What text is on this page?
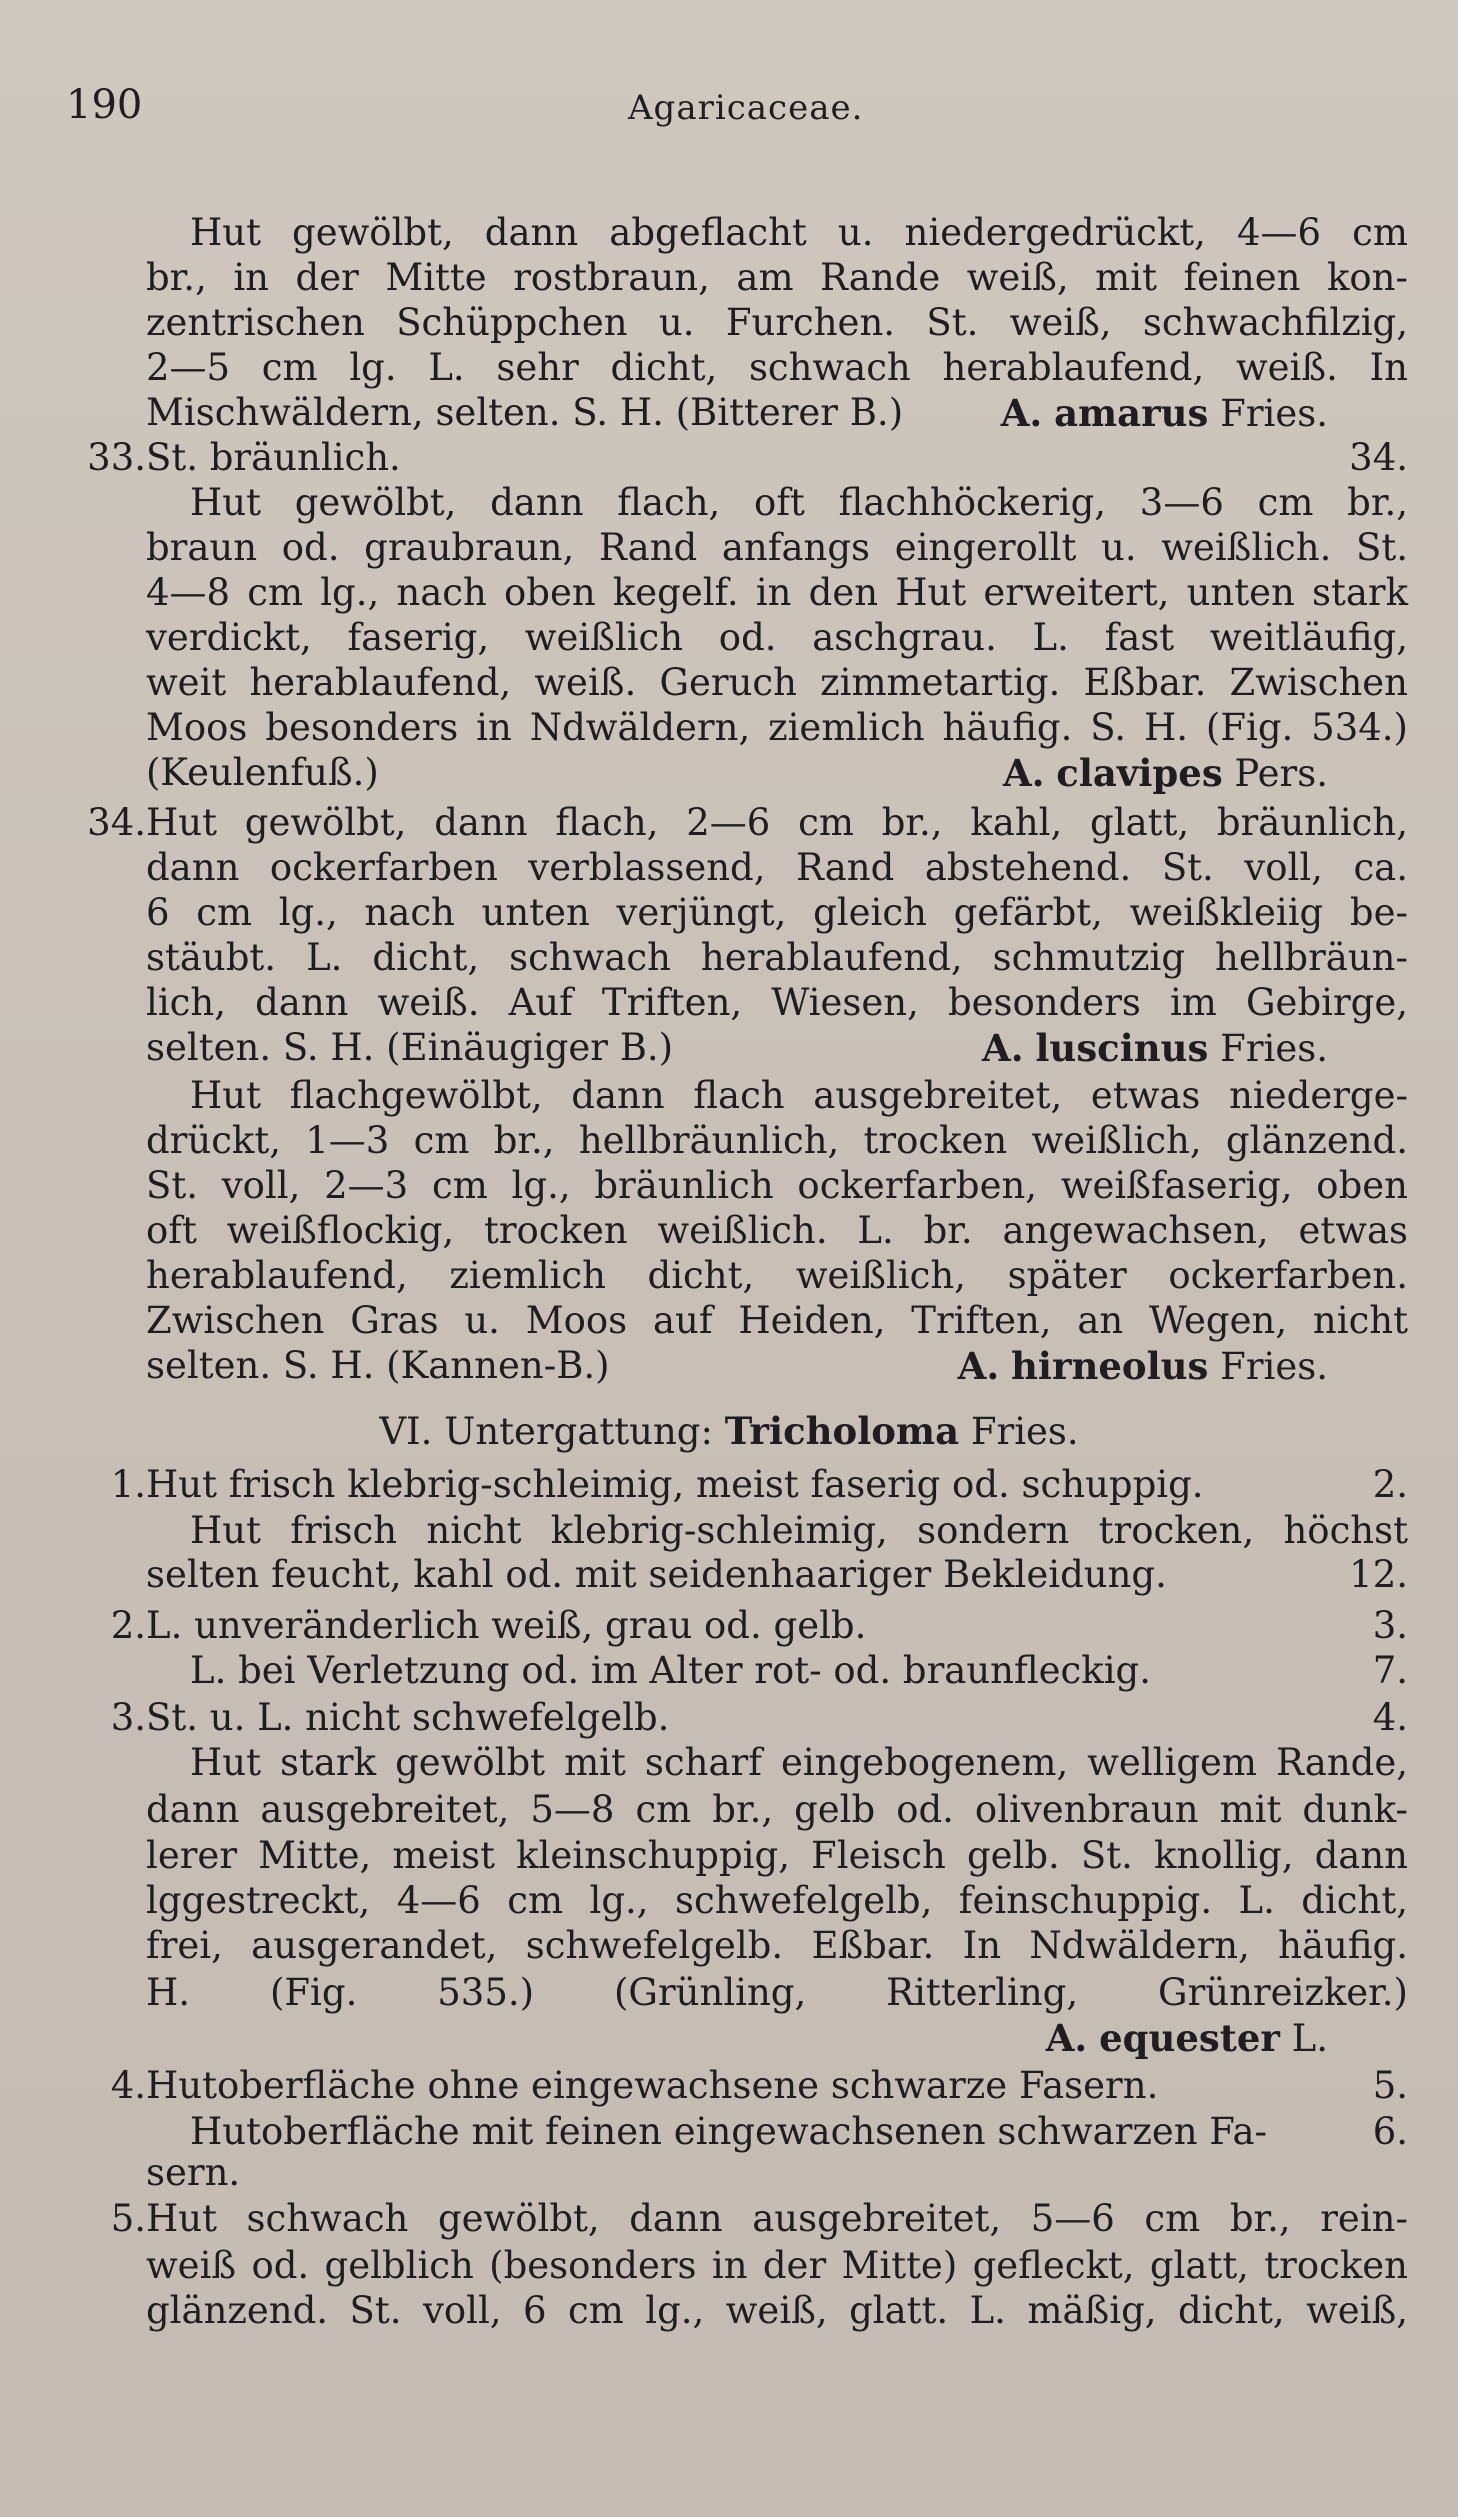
190	Agaricaceae.
Hut gewölbt, dann abgeflacht u. niedergedrückt, 4—6 cm
br., in der Mitte rostbraun, am Rande weiß, mit feinen kon-
zentrischen Schüppchen u. Furchen. St. weiß, schwachfilzig,
2—5 cm lg. L. sehr dicht, schwach herablaufend, weiß. In
Mischwäldern, selten. S. H. (Bitterer B.)	A. amarus Fries.
33. St. bräunlich.	34.
Hut gewölbt, dann flach, oft flachhöckerig, 3—6 cm br.,
braun od. graubraun, Rand anfangs eingerollt u. weißlich. St.
4—8 cm lg., nach oben kegelf. in den Hut erweitert, unten stark
verdickt, faserig, weißlich od. aschgrau. L. fast weitläufig,
weit herablaufend, weiß. Geruch zimmetartig. Eßbar. Zwischen
Moos besonders in Ndwäldern, ziemlich häufig. S. H. (Fig. 534.)
(Keulenfuß.)	A. clavipes Pers.
34. Hut gewölbt, dann flach, 2—6 cm br., kahl, glatt, bräunlich,
dann ockerfarben verblassend, Rand abstehend. St. voll, ca.
6 cm lg., nach unten verjüngt, gleich gefärbt, weißkleiig be-
stäubt. L. dicht, schwach herablaufend, schmutzig hellbräun-
lich, dann weiß. Auf Triften, Wiesen, besonders im Gebirge,
selten. S. H. (Einäugiger B.)	A. luscinus Fries.
Hut flachgewölbt, dann flach ausgebreitet, etwas niederge-
drückt, 1—3 cm br., hellbräunlich, trocken weißlich, glänzend.
St. voll, 2—3 cm lg., bräunlich ockerfarben, weißfaserig, oben
oft weißflockig, trocken weißlich. L. br. angewachsen, etwas
herablaufend, ziemlich dicht, weißlich, später ockerfarben.
Zwischen Gras u. Moos auf Heiden, Triften, an Wegen, nicht
selten. S. H. (Kannen-B.)	A. hirneolus Fries.
VI. Untergattung: Tricholoma Fries.
1. Hut frisch klebrig-schleimig, meist faserig od. schuppig.	2.
Hut frisch nicht klebrig-schleimig, sondern trocken, höchst
selten feucht, kahl od. mit seidenhaariger Bekleidung.	12.
2. L. unveränderlich weiß, grau od. gelb.	3.
L. bei Verletzung od. im Alter rot- od. braunfleckig.	7.
3. St. u. L. nicht schwefelgelb.	4.
Hut stark gewölbt mit scharf eingebogenem, welligem Rande,
dann ausgebreitet, 5—8 cm br., gelb od. olivenbraun mit dunk-
lerer Mitte, meist kleinschuppig, Fleisch gelb. St. knollig, dann
lggestreckt, 4—6 cm lg., schwefelgelb, feinschuppig. L. dicht,
frei, ausgerandet, schwefelgelb. Eßbar. In Ndwäldern, häufig.
H. (Fig. 535.) (Grünling, Ritterling, Grünreizker.)
A. equester L.
4. Hutoberfläche ohne eingewachsene schwarze Fasern.	5.
Hutoberfläche mit feinen eingewachsenen schwarzen Fa-	6.
sern.
5. Hut schwach gewölbt, dann ausgebreitet, 5—6 cm br., rein-
weiß od. gelblich (besonders in der Mitte) gefleckt, glatt, trocken
glänzend. St. voll, 6 cm lg., weiß, glatt. L. mäßig, dicht, weiß,
